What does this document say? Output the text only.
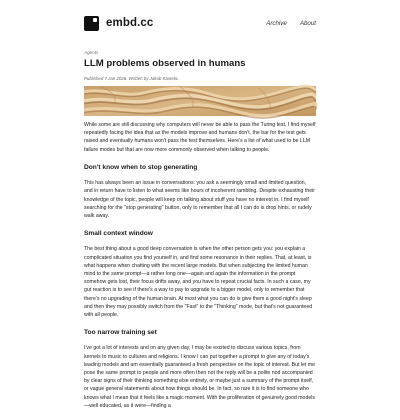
embd.cc	Archive About
Agents
LLM problems observed in humans
Published 7 Jan 2026. Written by Jakob Kastelic.

While some are still discussing why computers will never be able to pass the Turing test, I find myself repeatedly facing the idea that as the models improve and humans don't, the bar for the test gets raised and eventually humans won't pass the test themselves. Here's a list of what used to be LLM failure modes but that are now more commonly observed when talking to people.

Don't know when to stop generating

This has always been an issue in conversations: you ask a seemingly small and limited question, and in return have to listen to what seems like hours of incoherent rambling. Despite exhausting their knowledge of the topic, people will keep on talking about stuff you have no interest in. I find myself searching for the "stop generating" button, only to remember that all I can do is drop hints, or rudely walk away.

Small context window

The best thing about a good deep conversation is when the other person gets you: you explain a complicated situation you find yourself in, and find some resonance in their replies. That, at least, is what happens when chatting with the recent large models. But when subjecting the limited human mind to the same prompt—a rather long one—again and again the information in the prompt somehow gets lost, their focus drifts away, and you have to repeat crucial facts. In such a case, my gut reaction is to see if there's a way to pay to upgrade to a bigger model, only to remember that there's no upgrading of the human brain. At most what you can do is give them a good night's sleep and then they may possibly switch from the "Fast" to the "Thinking" mode, but that's not guaranteed with all people.

Too narrow training set

I've got a lot of interests and on any given day, I may be excited to discuss various topics, from kernels to music to cultures and religions. I know I can put together a prompt to give any of today's leading models and am essentially guaranteed a fresh perspective on the topic of interest. But let me pose the same prompt to people and more often then not the reply will be a polite nod accompanied by clear signs of their thinking something else entirely, or maybe just a summary of the prompt itself, or vague general statements about how things should be. In fact, so rare it is to find someone who knows what I mean that it feels like a magic moment. With the proliferation of genuinely good models—well educated, as it were—finding a
